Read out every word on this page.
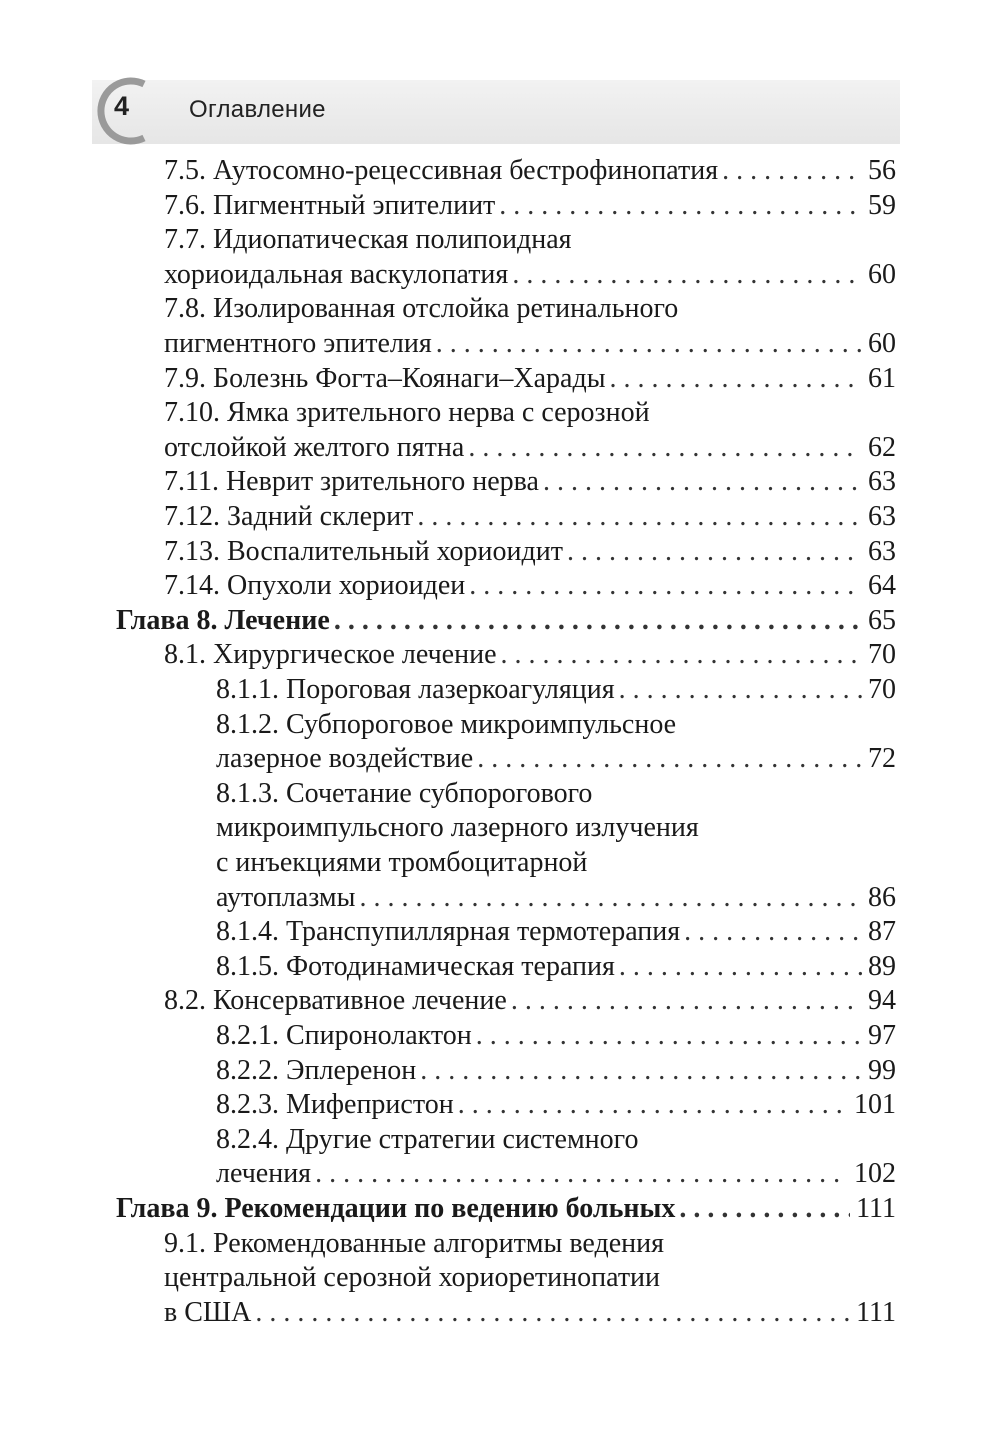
4 Оглавление
7.5. Аутосомно-рецессивная бестрофинопатия . . .	56
7.6. Пигментный эпителиит . . .	59
7.7. Идиопатическая полипоидная
хориоидальная васкулопатия . . .	60
7.8. Изолированная отслойка ретинального
пигментного эпителия . . .	60
7.9. Болезнь Фогта–Коянаги–Харады . . .	61
7.10. Ямка зрительного нерва с серозной
отслойкой желтого пятна . . .	62
7.11. Неврит зрительного нерва . . .	63
7.12. Задний склерит . . .	63
7.13. Воспалительный хориоидит . . .	63
7.14. Опухоли хориоидеи . . .	64
Глава 8. Лечение . . .	65
8.1. Хирургическое лечение . . .	70
8.1.1. Пороговая лазеркоагуляция . . .	70
8.1.2. Субпороговое микроимпульсное
лазерное воздействие . . .	72
8.1.3. Сочетание субпорогового
микроимпульсного лазерного излучения
с инъекциями тромбоцитарной
аутоплазмы . . .	86
8.1.4. Транспупиллярная термотерапия . . .	87
8.1.5. Фотодинамическая терапия . . .	89
8.2. Консервативное лечение . . .	94
8.2.1. Спиронолактон . . .	97
8.2.2. Эплеренон . . .	99
8.2.3. Мифепристон . . .	101
8.2.4. Другие стратегии системного
лечения . . .	102
Глава 9. Рекомендации по ведению больных . . .	111
9.1. Рекомендованные алгоритмы ведения
центральной серозной хориоретинопатии
в США . . .	111
